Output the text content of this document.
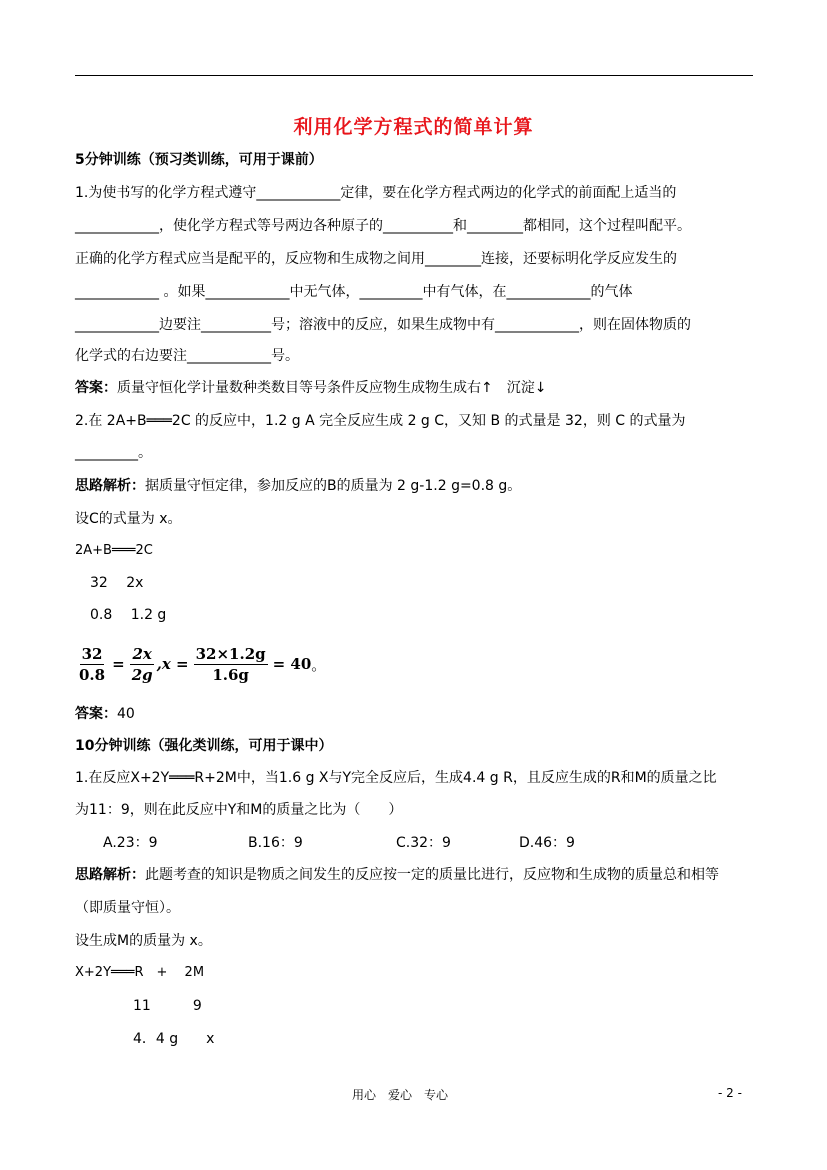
利用化学方程式的简单计算
5分钟训练（预习类训练，可用于课前）
1.为使书写的化学方程式遵守____________定律，要在化学方程式两边的化学式的前面配上适当的
____________，使化学方程式等号两边各种原子的__________和________都相同，这个过程叫配平。
正确的化学方程式应当是配平的，反应物和生成物之间用________连接，还要标明化学反应发生的
____________ 。如果____________中无气体，_________中有气体，在____________的气体
____________边要注__________号；溶液中的反应，如果生成物中有____________，则在固体物质的
化学式的右边要注____________号。
答案：质量守恒化学计量数种类数目等号条件反应物生成物生成右↑　沉淀↓
2.在 2A+B═══2C 的反应中，1.2 g A 完全反应生成 2 g C，又知 B 的式量是 32，则 C 的式量为
_________。
思路解析：据质量守恒定律，参加反应的B的质量为 2 g-1.2 g=0.8 g。
设C的式量为 x。
2A+B═══2C
32　 2x
0.8　 1.2 g
$\frac{32}{0.8} = \frac{2x}{2g} ,x = \frac{32\times 1.2g}{1.6g} = 40$ 。
答案：40
10分钟训练（强化类训练，可用于课中）
1.在反应X+2Y═══R+2M中，当1.6 g X与Y完全反应后，生成4.4 g R，且反应生成的R和M的质量之比
为11：9，则在此反应中Y和M的质量之比为（　　）
A.23：9	B.16：9	C.32：9	D.46：9
思路解析：此题考查的知识是物质之间发生的反应按一定的质量比进行，反应物和生成物的质量总和相等
（即质量守恒）。
设生成M的质量为 x。
X+2Y═══R　+　 2M
11　　　9
4．4 g　　x
用心　爱心　专心	- 2 -
